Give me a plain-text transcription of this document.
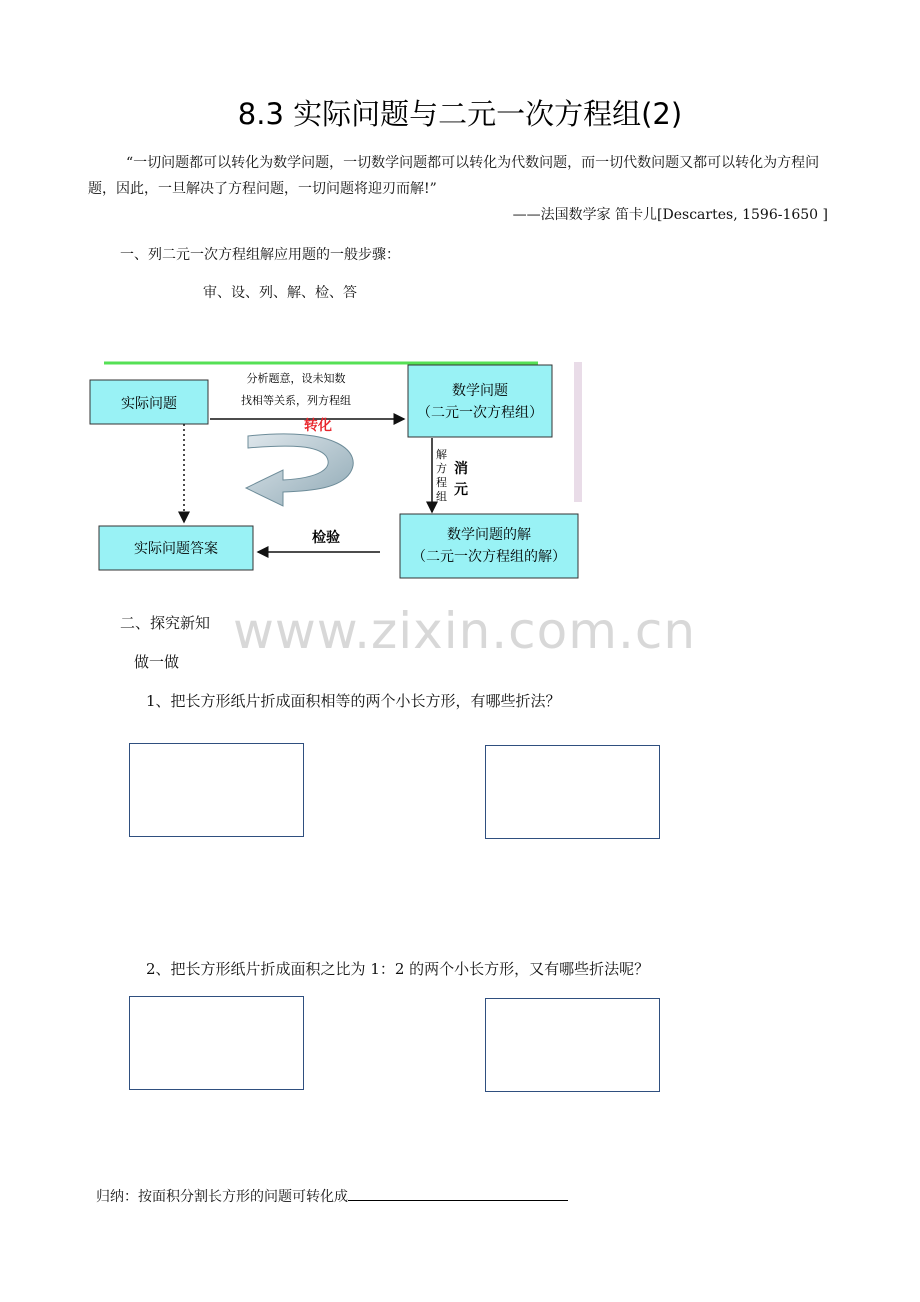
8.3 实际问题与二元一次方程组(2)
“一切问题都可以转化为数学问题，一切数学问题都可以转化为代数问题，而一切代数问题又都可以转化为方程问题，因此，一旦解决了方程问题，一切问题将迎刃而解!”
——法国数学家 笛卡儿[Descartes, 1596-1650 ]
一、列二元一次方程组解应用题的一般步骤：
审、设、列、解、检、答
实际问题
分析题意，设未知数
找相等关系，列方程组
转化
数学问题
（二元一次方程组）
解
方
程
组
消
元
数学问题的解
（二元一次方程组的解）
检验
实际问题答案
www.zixin.com.cn
二、探究新知
做一做
1、把长方形纸片折成面积相等的两个小长方形，有哪些折法？
2、把长方形纸片折成面积之比为 1：2 的两个小长方形，又有哪些折法呢？
归纳：按面积分割长方形的问题可转化成
